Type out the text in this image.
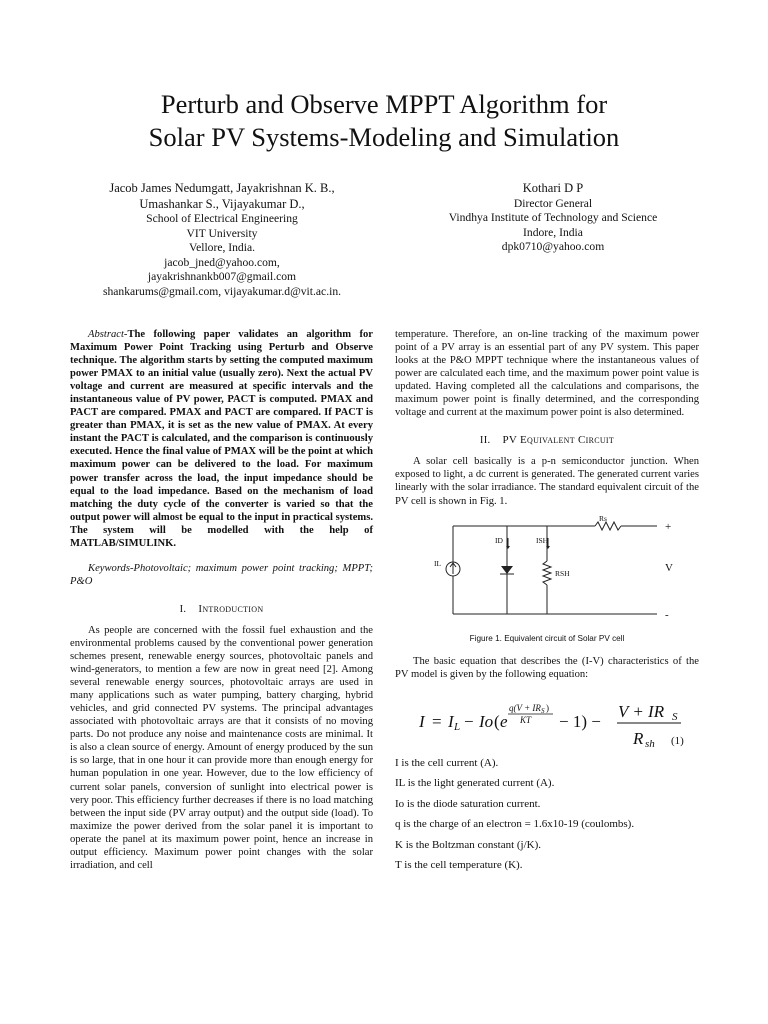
Perturb and Observe MPPT Algorithm for
Solar PV Systems-Modeling and Simulation
Jacob James Nedumgatt, Jayakrishnan K. B.,
Umashankar S., Vijayakumar D.,
School of Electrical Engineering
VIT University
Vellore, India.
jacob_jned@yahoo.com,
jayakrishnankb007@gmail.com
shankarums@gmail.com, vijayakumar.d@vit.ac.in.
Kothari D P
Director General
Vindhya Institute of Technology and Science
Indore, India
dpk0710@yahoo.com

Abstract-The following paper validates an algorithm for Maximum Power Point Tracking using Perturb and Observe technique. The algorithm starts by setting the computed maximum power PMAX to an initial value (usually zero). Next the actual PV voltage and current are measured at specific intervals and the instantaneous value of PV power, PACT is computed. PMAX and PACT are compared. PMAX and PACT are compared. If PACT is greater than PMAX, it is set as the new value of PMAX. At every instant the PACT is calculated, and the comparison is continuously executed. Hence the final value of PMAX will be the point at which maximum power can be delivered to the load. For maximum power transfer across the load, the input impedance should be equal to the load impedance. Based on the mechanism of load matching the duty cycle of the converter is varied so that the output power will almost be equal to the input in practical systems. The system will be modelled with the help of MATLAB/SIMULINK.

Keywords-Photovoltaic; maximum power point tracking; MPPT; P&O

I. Introduction

As people are concerned with the fossil fuel exhaustion and the environmental problems caused by the conventional power generation schemes present, renewable energy sources, photovoltaic panels and wind-generators, to mention a few are now in great need [2]. Among several renewable energy sources, photovoltaic arrays are used in many applications such as water pumping, battery charging, hybrid vehicles, and grid connected PV systems. The principal advantages associated with photovoltaic arrays are that it consists of no moving parts. Do not produce any noise and maintenance costs are minimal. It is also a clean source of energy. Amount of energy produced by the sun is so large, that in one hour it can provide more than enough energy for human population in one year. However, due to the low efficiency of current solar panels, conversion of sunlight into electrical power is very poor. This efficiency further decreases if there is no load matching between the input side (PV array output) and the output side (load). To maximize the power derived from the solar panel it is important to operate the panel at its maximum power point, hence an increase in output efficiency. Maximum power point changes with the solar irradiation, and cell

temperature. Therefore, an on-line tracking of the maximum power point of a PV array is an essential part of any PV system. This paper looks at the P&O MPPT technique where the instantaneous values of power are calculated each time, and the maximum power point value is updated. Having completed all the calculations and comparisons, the maximum power point is finally determined, and the corresponding voltage and current at the maximum power point is also determined.

II. PV Equivalent Circuit

A solar cell basically is a p-n semiconductor junction. When exposed to light, a dc current is generated. The generated current varies linearly with the solar irradiance. The standard equivalent circuit of the PV cell is shown in Fig. 1.

Rs
+
V
-
ID	ISH
IL
RSH

Figure 1. Equivalent circuit of Solar PV cell

The basic equation that describes the (I-V) characteristics of the PV model is given by the following equation:

I = I L − Io ( e
q(V + IR S )
KT − 1) −
V + IR S
R sh (1)

I is the cell current (A).

IL is the light generated current (A).

Io is the diode saturation current.

q is the charge of an electron = 1.6x10-19 (coulombs).

K is the Boltzman constant (j/K).

T is the cell temperature (K).
